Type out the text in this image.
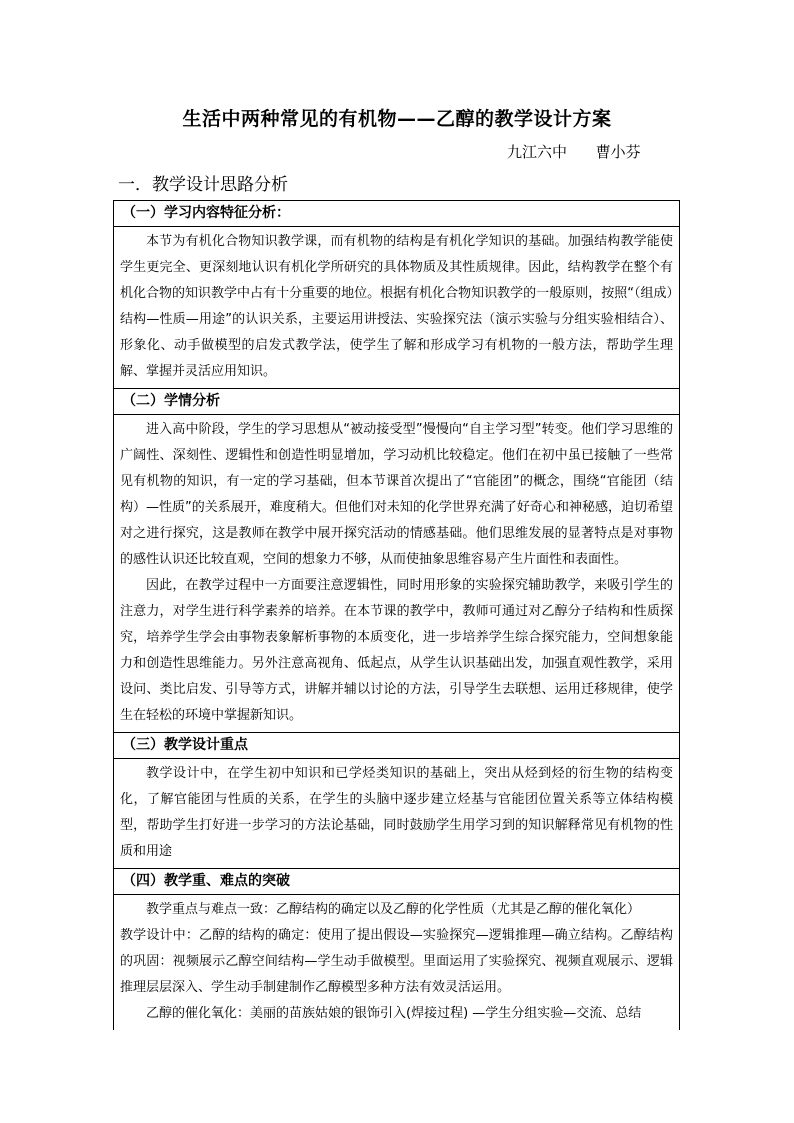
生活中两种常见的有机物——乙醇的教学设计方案
九江六中      曹小芬
一．教学设计思路分析
（一）学习内容特征分析：

本节为有机化合物知识教学课，而有机物的结构是有机化学知识的基础。加强结构教学能使学生更完全、更深刻地认识有机化学所研究的具体物质及其性质规律。因此，结构教学在整个有机化合物的知识教学中占有十分重要的地位。根据有机化合物知识教学的一般原则，按照“（组成）结构—性质—用途”的认识关系，主要运用讲授法、实验探究法（演示实验与分组实验相结合）、形象化、动手做模型的启发式教学法，使学生了解和形成学习有机物的一般方法，帮助学生理解、掌握并灵活应用知识。

（二）学情分析

进入高中阶段，学生的学习思想从“被动接受型”慢慢向“自主学习型”转变。他们学习思维的广阔性、深刻性、逻辑性和创造性明显增加，学习动机比较稳定。他们在初中虽已接触了一些常见有机物的知识，有一定的学习基础，但本节课首次提出了“官能团”的概念，围绕“官能团（结构）—性质”的关系展开，难度稍大。但他们对未知的化学世界充满了好奇心和神秘感，迫切希望对之进行探究，这是教师在教学中展开探究活动的情感基础。他们思维发展的显著特点是对事物的感性认识还比较直观，空间的想象力不够，从而使抽象思维容易产生片面性和表面性。

因此，在教学过程中一方面要注意逻辑性，同时用形象的实验探究辅助教学，来吸引学生的注意力，对学生进行科学素养的培养。在本节课的教学中，教师可通过对乙醇分子结构和性质探究，培养学生学会由事物表象解析事物的本质变化，进一步培养学生综合探究能力，空间想象能力和创造性思维能力。另外注意高视角、低起点，从学生认识基础出发，加强直观性教学，采用设问、类比启发、引导等方式，讲解并辅以讨论的方法，引导学生去联想、运用迁移规律，使学生在轻松的环境中掌握新知识。

（三）教学设计重点

教学设计中，在学生初中知识和已学烃类知识的基础上，突出从烃到烃的衍生物的结构变化，了解官能团与性质的关系，在学生的头脑中逐步建立烃基与官能团位置关系等立体结构模型，帮助学生打好进一步学习的方法论基础，同时鼓励学生用学习到的知识解释常见有机物的性质和用途

（四）教学重、难点的突破

教学重点与难点一致：乙醇结构的确定以及乙醇的化学性质（尤其是乙醇的催化氧化）

教学设计中：乙醇的结构的确定：使用了提出假设—实验探究—逻辑推理—确立结构。乙醇结构的巩固：视频展示乙醇空间结构—学生动手做模型。里面运用了实验探究、视频直观展示、逻辑推理层层深入、学生动手制建制作乙醇模型多种方法有效灵活运用。

乙醇的催化氧化：美丽的苗族姑娘的银饰引入(焊接过程) —学生分组实验—交流、总结
